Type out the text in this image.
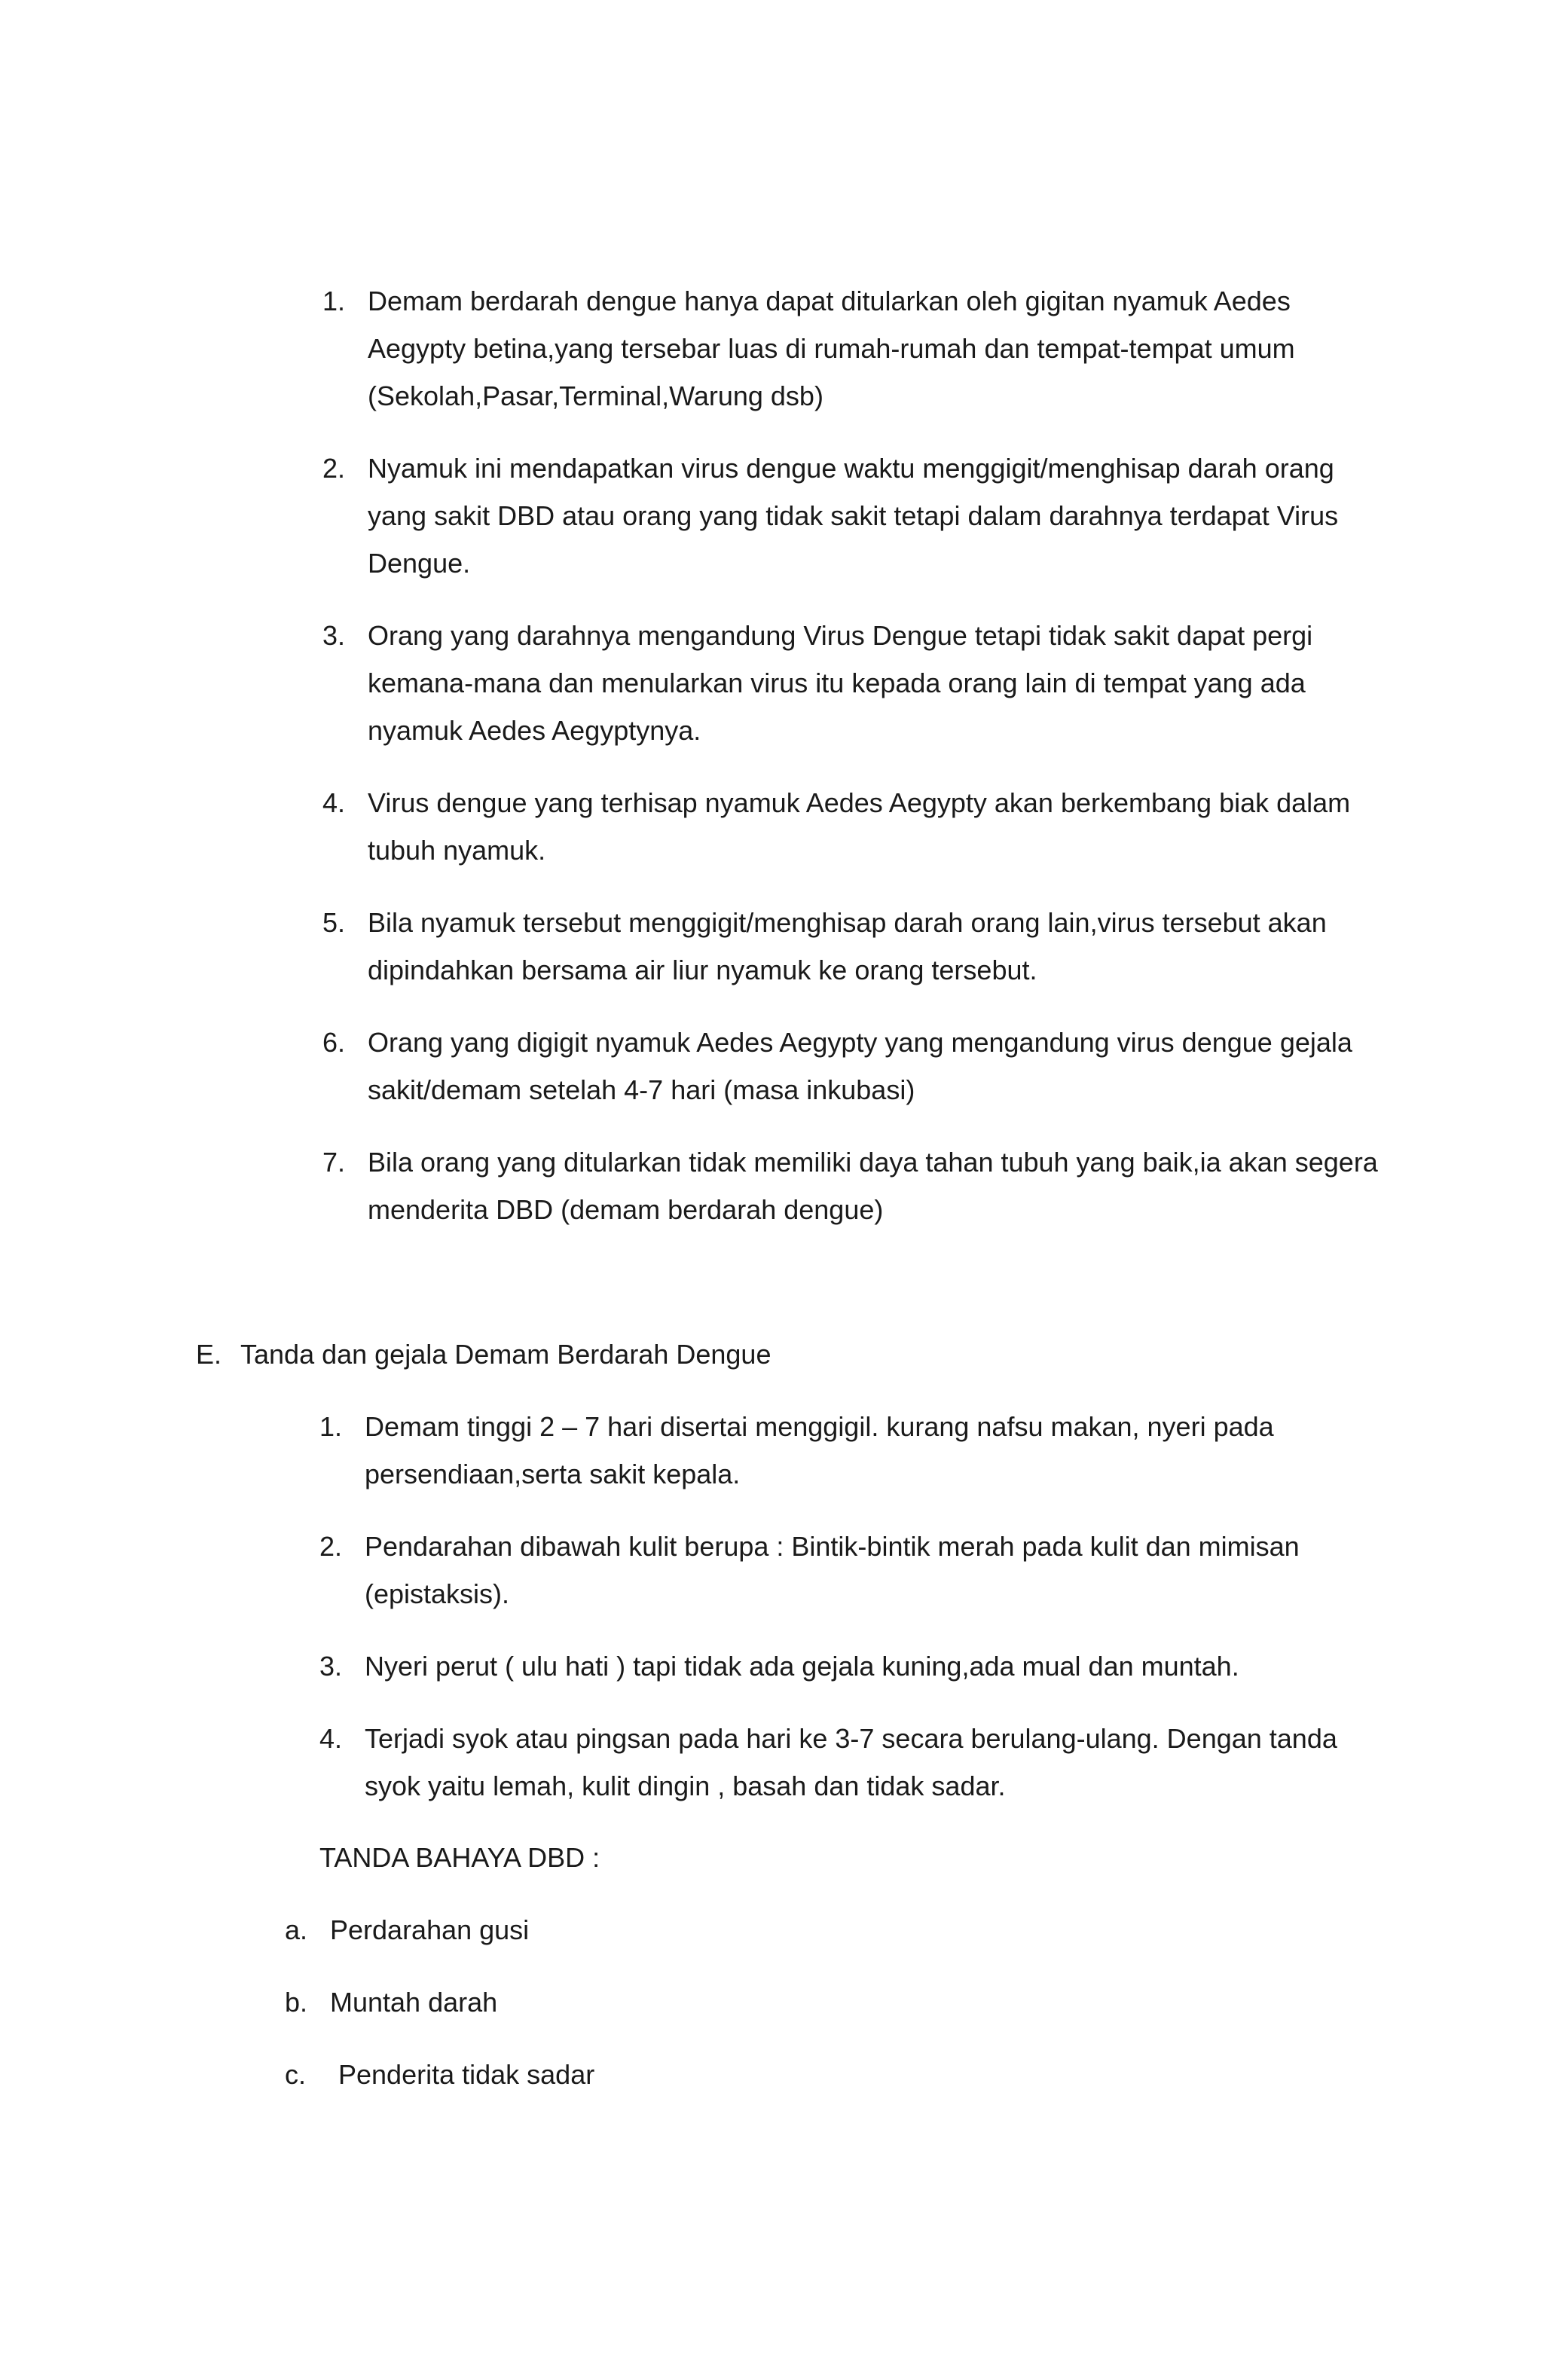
1. Demam berdarah dengue hanya dapat ditularkan oleh gigitan nyamuk Aedes Aegypty betina,yang tersebar luas di rumah-rumah dan tempat-tempat umum (Sekolah,Pasar,Terminal,Warung dsb)
2. Nyamuk ini mendapatkan virus dengue waktu menggigit/menghisap darah orang yang sakit DBD atau orang yang tidak sakit tetapi dalam darahnya terdapat Virus Dengue.
3. Orang yang darahnya mengandung Virus Dengue tetapi tidak sakit dapat pergi kemana-mana dan menularkan virus itu kepada orang lain di tempat yang ada nyamuk Aedes Aegyptynya.
4. Virus dengue yang terhisap nyamuk Aedes Aegypty akan berkembang biak dalam tubuh nyamuk.
5. Bila nyamuk tersebut menggigit/menghisap darah orang lain,virus tersebut akan dipindahkan bersama air liur nyamuk ke orang tersebut.
6. Orang yang digigit nyamuk Aedes Aegypty yang mengandung virus dengue gejala sakit/demam setelah 4-7 hari (masa inkubasi)
7. Bila orang yang ditularkan tidak memiliki daya tahan tubuh yang baik,ia akan segera menderita DBD (demam berdarah dengue)
E. Tanda dan gejala Demam Berdarah Dengue
1. Demam tinggi 2 – 7 hari disertai menggigil. kurang nafsu makan, nyeri pada persendiaan,serta sakit kepala.
2. Pendarahan dibawah kulit berupa : Bintik-bintik merah pada kulit dan mimisan (epistaksis).
3. Nyeri perut ( ulu hati ) tapi tidak ada gejala kuning,ada mual dan muntah.
4. Terjadi syok atau pingsan pada hari ke 3-7 secara berulang-ulang. Dengan tanda syok yaitu lemah, kulit dingin , basah dan tidak sadar.
TANDA BAHAYA DBD :
a. Perdarahan gusi
b. Muntah darah
c. Penderita tidak sadar
